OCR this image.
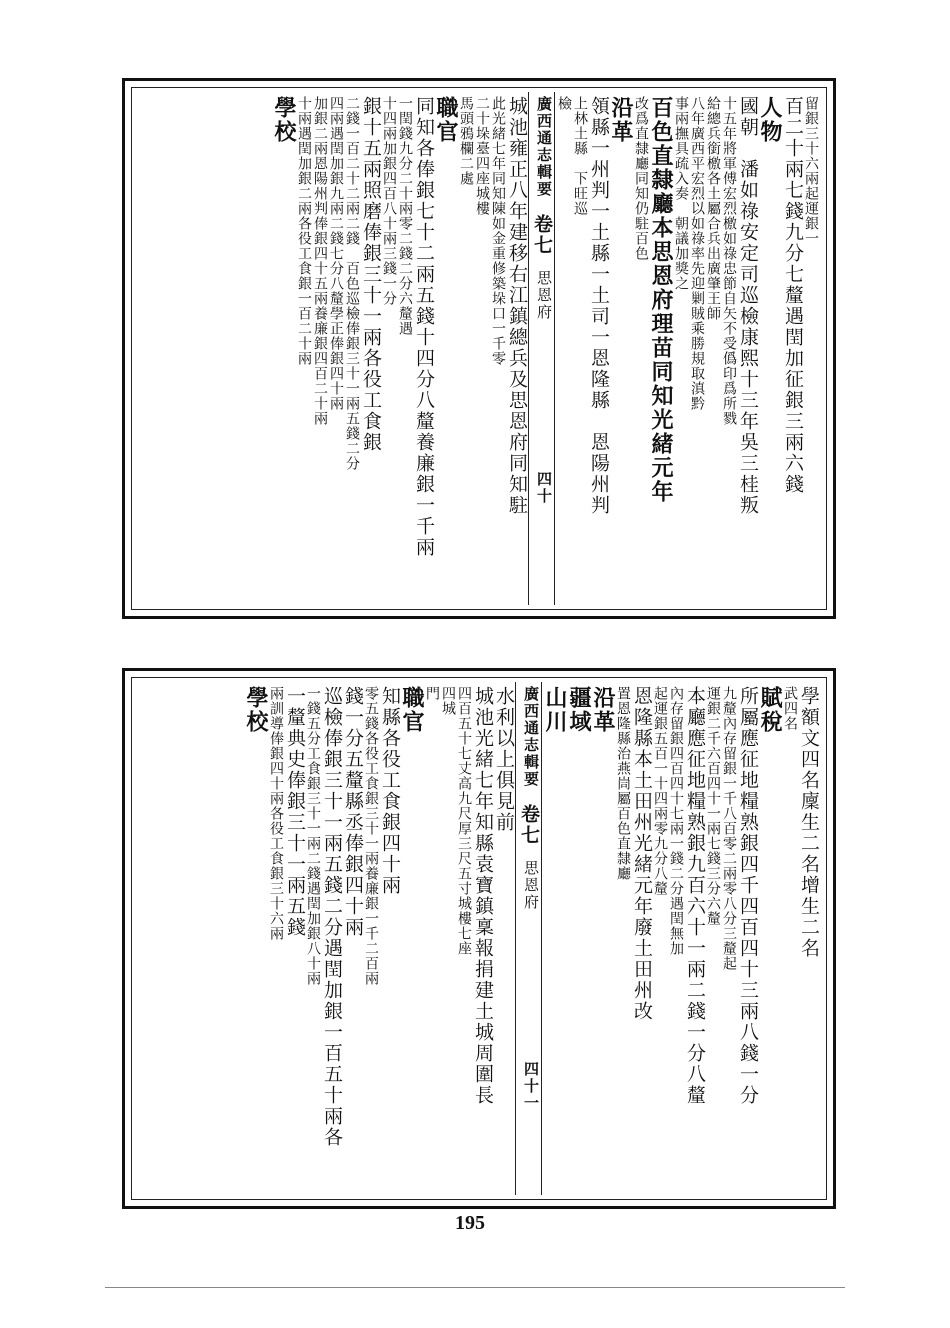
留銀三十六兩起運銀一
百二十兩七錢九分七釐遇閏加征銀三兩六錢
人物
國朝　潘如祿安定司巡檢康熙十三年吳三桂叛
十五年將軍傅宏烈檄如祿忠節自矢不受僞印爲所戮
給總兵銜檄各土屬合兵出廣肇王師
八年廣西平宏烈以如祿率先迎剿賊乘勝規取滇黔
事兩撫具疏入奏　朝議加獎之
百色直隸廳本思恩府理苗同知光緒元年
改爲直隸廳同知仍駐百色
沿革
領縣一州判一土縣一土司一恩隆縣　恩陽州判
上林土縣　下旺巡
檢
廣西通志輯要
卷七
思恩府
四十
城池雍正八年建移右江鎮總兵及思恩府同知駐
此光緒七年同知陳如金重修築垛口一千零
二十垛臺四座城樓
馬頭鴉欄二處
職官
同知各俸銀七十二兩五錢十四分八釐養廉銀一千兩
一閏錢九分二十兩零二錢二分六釐遇
十四兩加銀四百八十兩三錢一分
銀十五兩照磨俸銀三十一兩各役工食銀
二錢一百二十二兩二錢　百色巡檢俸銀三十一兩五錢二分
四兩遇閏加銀九兩二錢七分八釐學正俸銀四十兩
加銀二兩恩陽州判俸銀四十五兩養廉銀四百二十兩
十兩遇閏加銀二兩各役工食銀一百二十兩
學校
學額文四名廩生二名增生二名
武四名
賦稅
所屬應征地糧熟銀四千四百四十三兩八錢一分
九釐內存留銀一千八百零二兩零八分三釐起
運銀二千六百四十一兩七錢三分六釐
本廳應征地糧熟銀九百六十一兩二錢一分八釐
內存留銀四百四十七兩一錢二分遇閏無加
起運銀五百一十四兩零九分八釐
恩隆縣本土田州光緒元年廢土田州改
置恩隆縣治燕峝屬百色直隸廳
沿革
疆域
山川
廣西通志輯要
卷七
思恩府
四十一
水利以上俱見前
城池光緒七年知縣袁寶鎮稟報捐建土城周圍長
四百五十七丈高九尺厚三尺五寸城樓七座
四城
門
職官
知縣各役工食銀四十兩
零五錢各役工食銀三十一兩養廉銀一千二百兩
錢一分五釐縣丞俸銀四十兩
巡檢俸銀三十一兩五錢二分遇閏加銀一百五十兩各
一錢五分工食銀三十一兩二錢遇閏加銀八十兩
一釐典史俸銀三十一兩五錢
兩訓導俸銀四十兩各役工食銀三十六兩
學校
195
